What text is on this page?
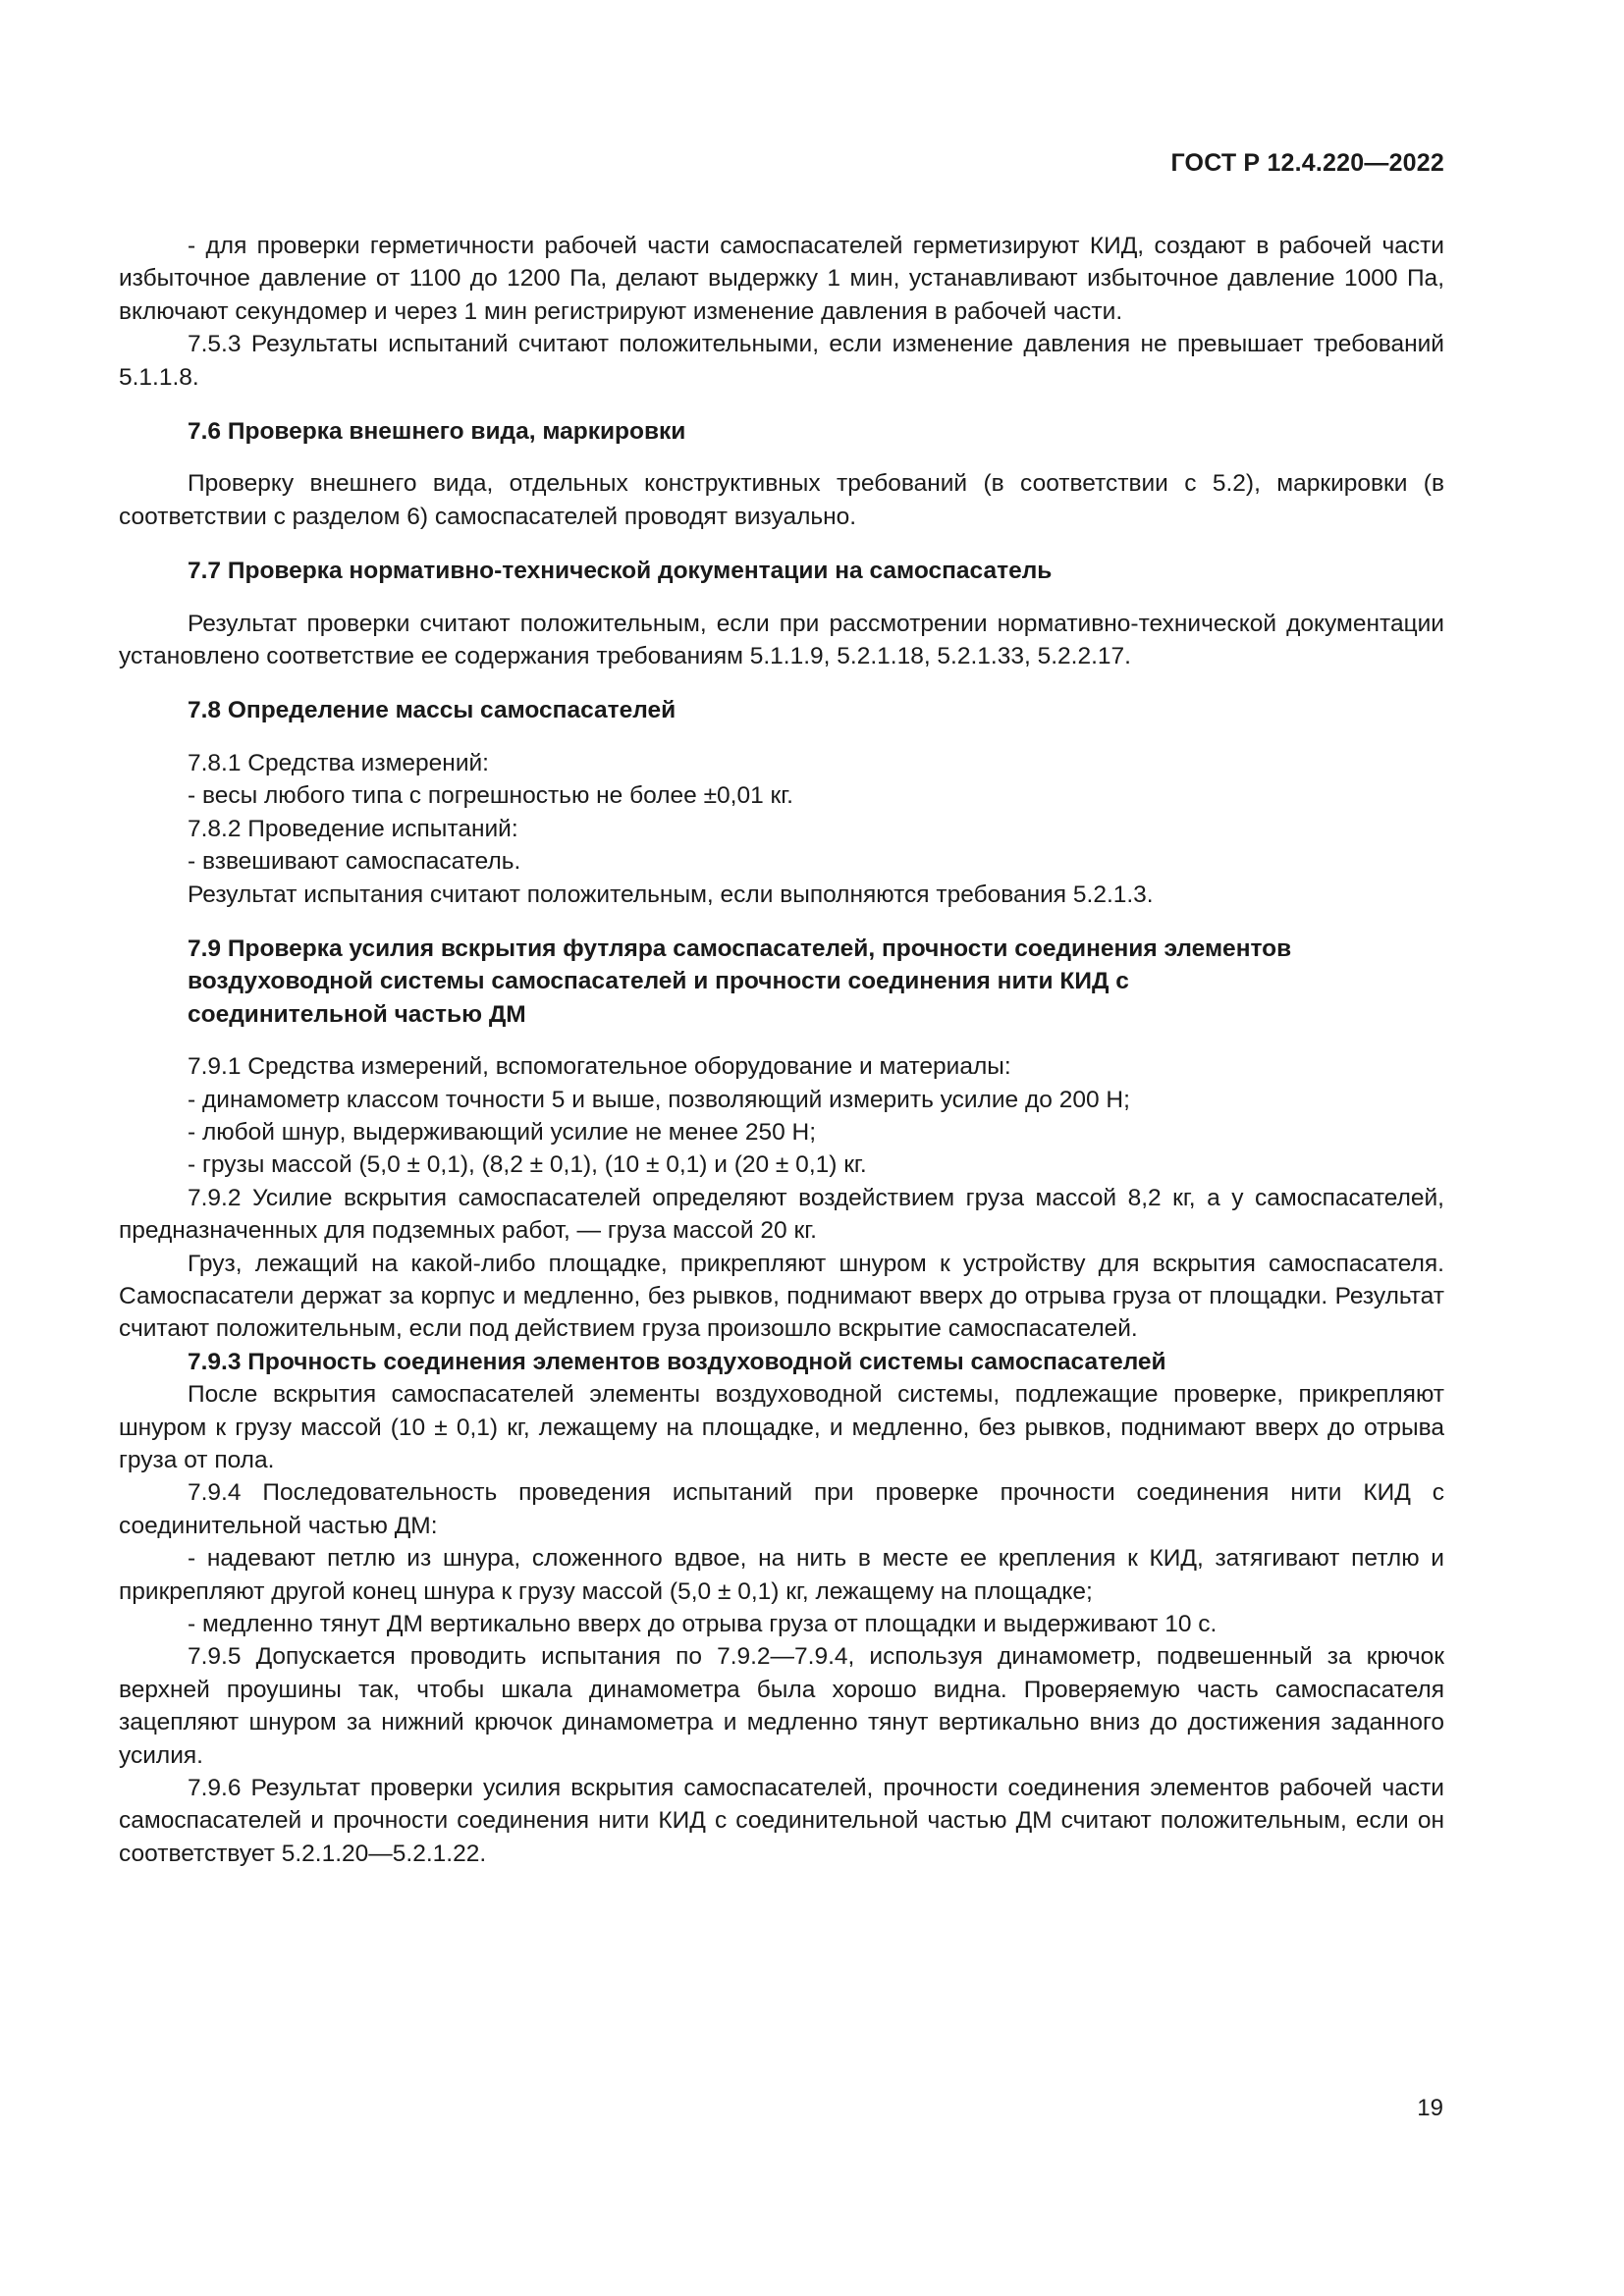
ГОСТ Р 12.4.220—2022

- для проверки герметичности рабочей части самоспасателей герметизируют КИД, создают в рабочей части избыточное давление от 1100 до 1200 Па, делают выдержку 1 мин, устанавливают избыточное давление 1000 Па, включают секундомер и через 1 мин регистрируют изменение давления в рабочей части.

7.5.3 Результаты испытаний считают положительными, если изменение давления не превышает требований 5.1.1.8.

7.6 Проверка внешнего вида, маркировки

Проверку внешнего вида, отдельных конструктивных требований (в соответствии с 5.2), маркировки (в соответствии с разделом 6) самоспасателей проводят визуально.

7.7 Проверка нормативно-технической документации на самоспасатель

Результат проверки считают положительным, если при рассмотрении нормативно-технической документации установлено соответствие ее содержания требованиям 5.1.1.9, 5.2.1.18, 5.2.1.33, 5.2.2.17.

7.8 Определение массы самоспасателей

7.8.1 Средства измерений:

- весы любого типа с погрешностью не более ±0,01 кг.

7.8.2 Проведение испытаний:

- взвешивают самоспасатель.

Результат испытания считают положительным, если выполняются требования 5.2.1.3.

7.9 Проверка усилия вскрытия футляра самоспасателей, прочности соединения элементов воздуховодной системы самоспасателей и прочности соединения нити КИД с соединительной частью ДМ

7.9.1 Средства измерений, вспомогательное оборудование и материалы:

- динамометр классом точности 5 и выше, позволяющий измерить усилие до 200 Н;

- любой шнур, выдерживающий усилие не менее 250 Н;

- грузы массой (5,0 ± 0,1), (8,2 ± 0,1), (10 ± 0,1) и (20 ± 0,1) кг.

7.9.2 Усилие вскрытия самоспасателей определяют воздействием груза массой 8,2 кг, а у самоспасателей, предназначенных для подземных работ, — груза массой 20 кг.

Груз, лежащий на какой-либо площадке, прикрепляют шнуром к устройству для вскрытия самоспасателя. Самоспасатели держат за корпус и медленно, без рывков, поднимают вверх до отрыва груза от площадки. Результат считают положительным, если под действием груза произошло вскрытие самоспасателей.

7.9.3 Прочность соединения элементов воздуховодной системы самоспасателей

После вскрытия самоспасателей элементы воздуховодной системы, подлежащие проверке, прикрепляют шнуром к грузу массой (10 ± 0,1) кг, лежащему на площадке, и медленно, без рывков, поднимают вверх до отрыва груза от пола.

7.9.4 Последовательность проведения испытаний при проверке прочности соединения нити КИД с соединительной частью ДМ:

- надевают петлю из шнура, сложенного вдвое, на нить в месте ее крепления к КИД, затягивают петлю и прикрепляют другой конец шнура к грузу массой (5,0 ± 0,1) кг, лежащему на площадке;

- медленно тянут ДМ вертикально вверх до отрыва груза от площадки и выдерживают 10 с.

7.9.5 Допускается проводить испытания по 7.9.2—7.9.4, используя динамометр, подвешенный за крючок верхней проушины так, чтобы шкала динамометра была хорошо видна. Проверяемую часть самоспасателя зацепляют шнуром за нижний крючок динамометра и медленно тянут вертикально вниз до достижения заданного усилия.

7.9.6 Результат проверки усилия вскрытия самоспасателей, прочности соединения элементов рабочей части самоспасателей и прочности соединения нити КИД с соединительной частью ДМ считают положительным, если он соответствует 5.2.1.20—5.2.1.22.

19
